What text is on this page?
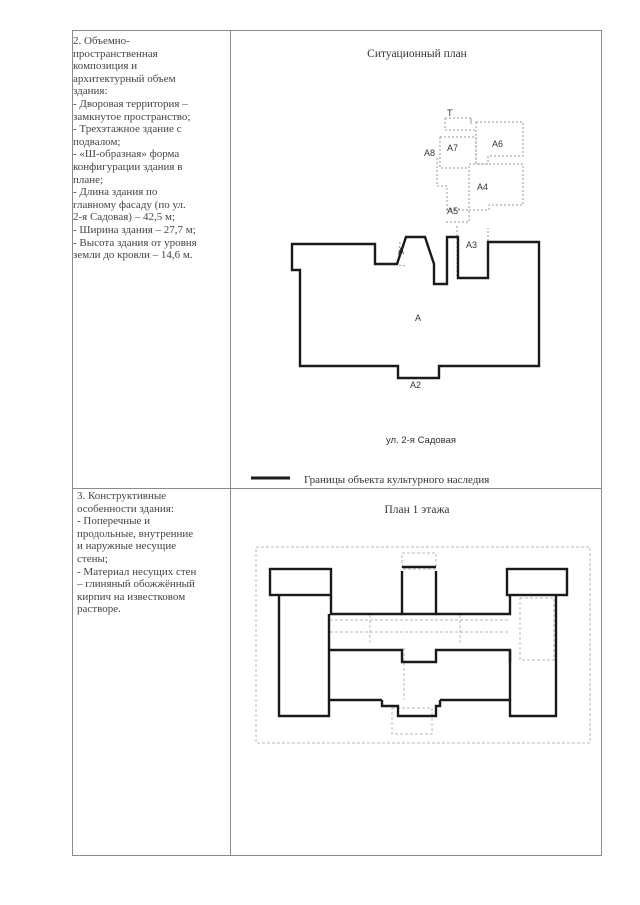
2. Объемно-
пространственная
композиция и
архитектурный объем
здания:
- Дворовая территория –
замкнутое пространство;
- Трехэтажное здание с
подвалом;
- «Ш-образная» форма
конфигурации здания в
плане;
- Длина здания по
главному фасаду (по ул.
2-я Садовая) – 42,5 м;
- Ширина здания – 27,7 м;
- Высота здания от уровня
земли до кровли – 14,6 м.
3. Конструктивные
особенности здания:
- Поперечные и
продольные, внутренние
и наружные несущие
стены;
- Материал несущих стен
– глиняный обожжённый
кирпич на известковом
растворе.
Ситуационный план
План 1 этажа
Т
А6
А7
А8
А4
А5
А3
А
А
А2
ул. 2-я Садовая
Границы объекта культурного наследия
